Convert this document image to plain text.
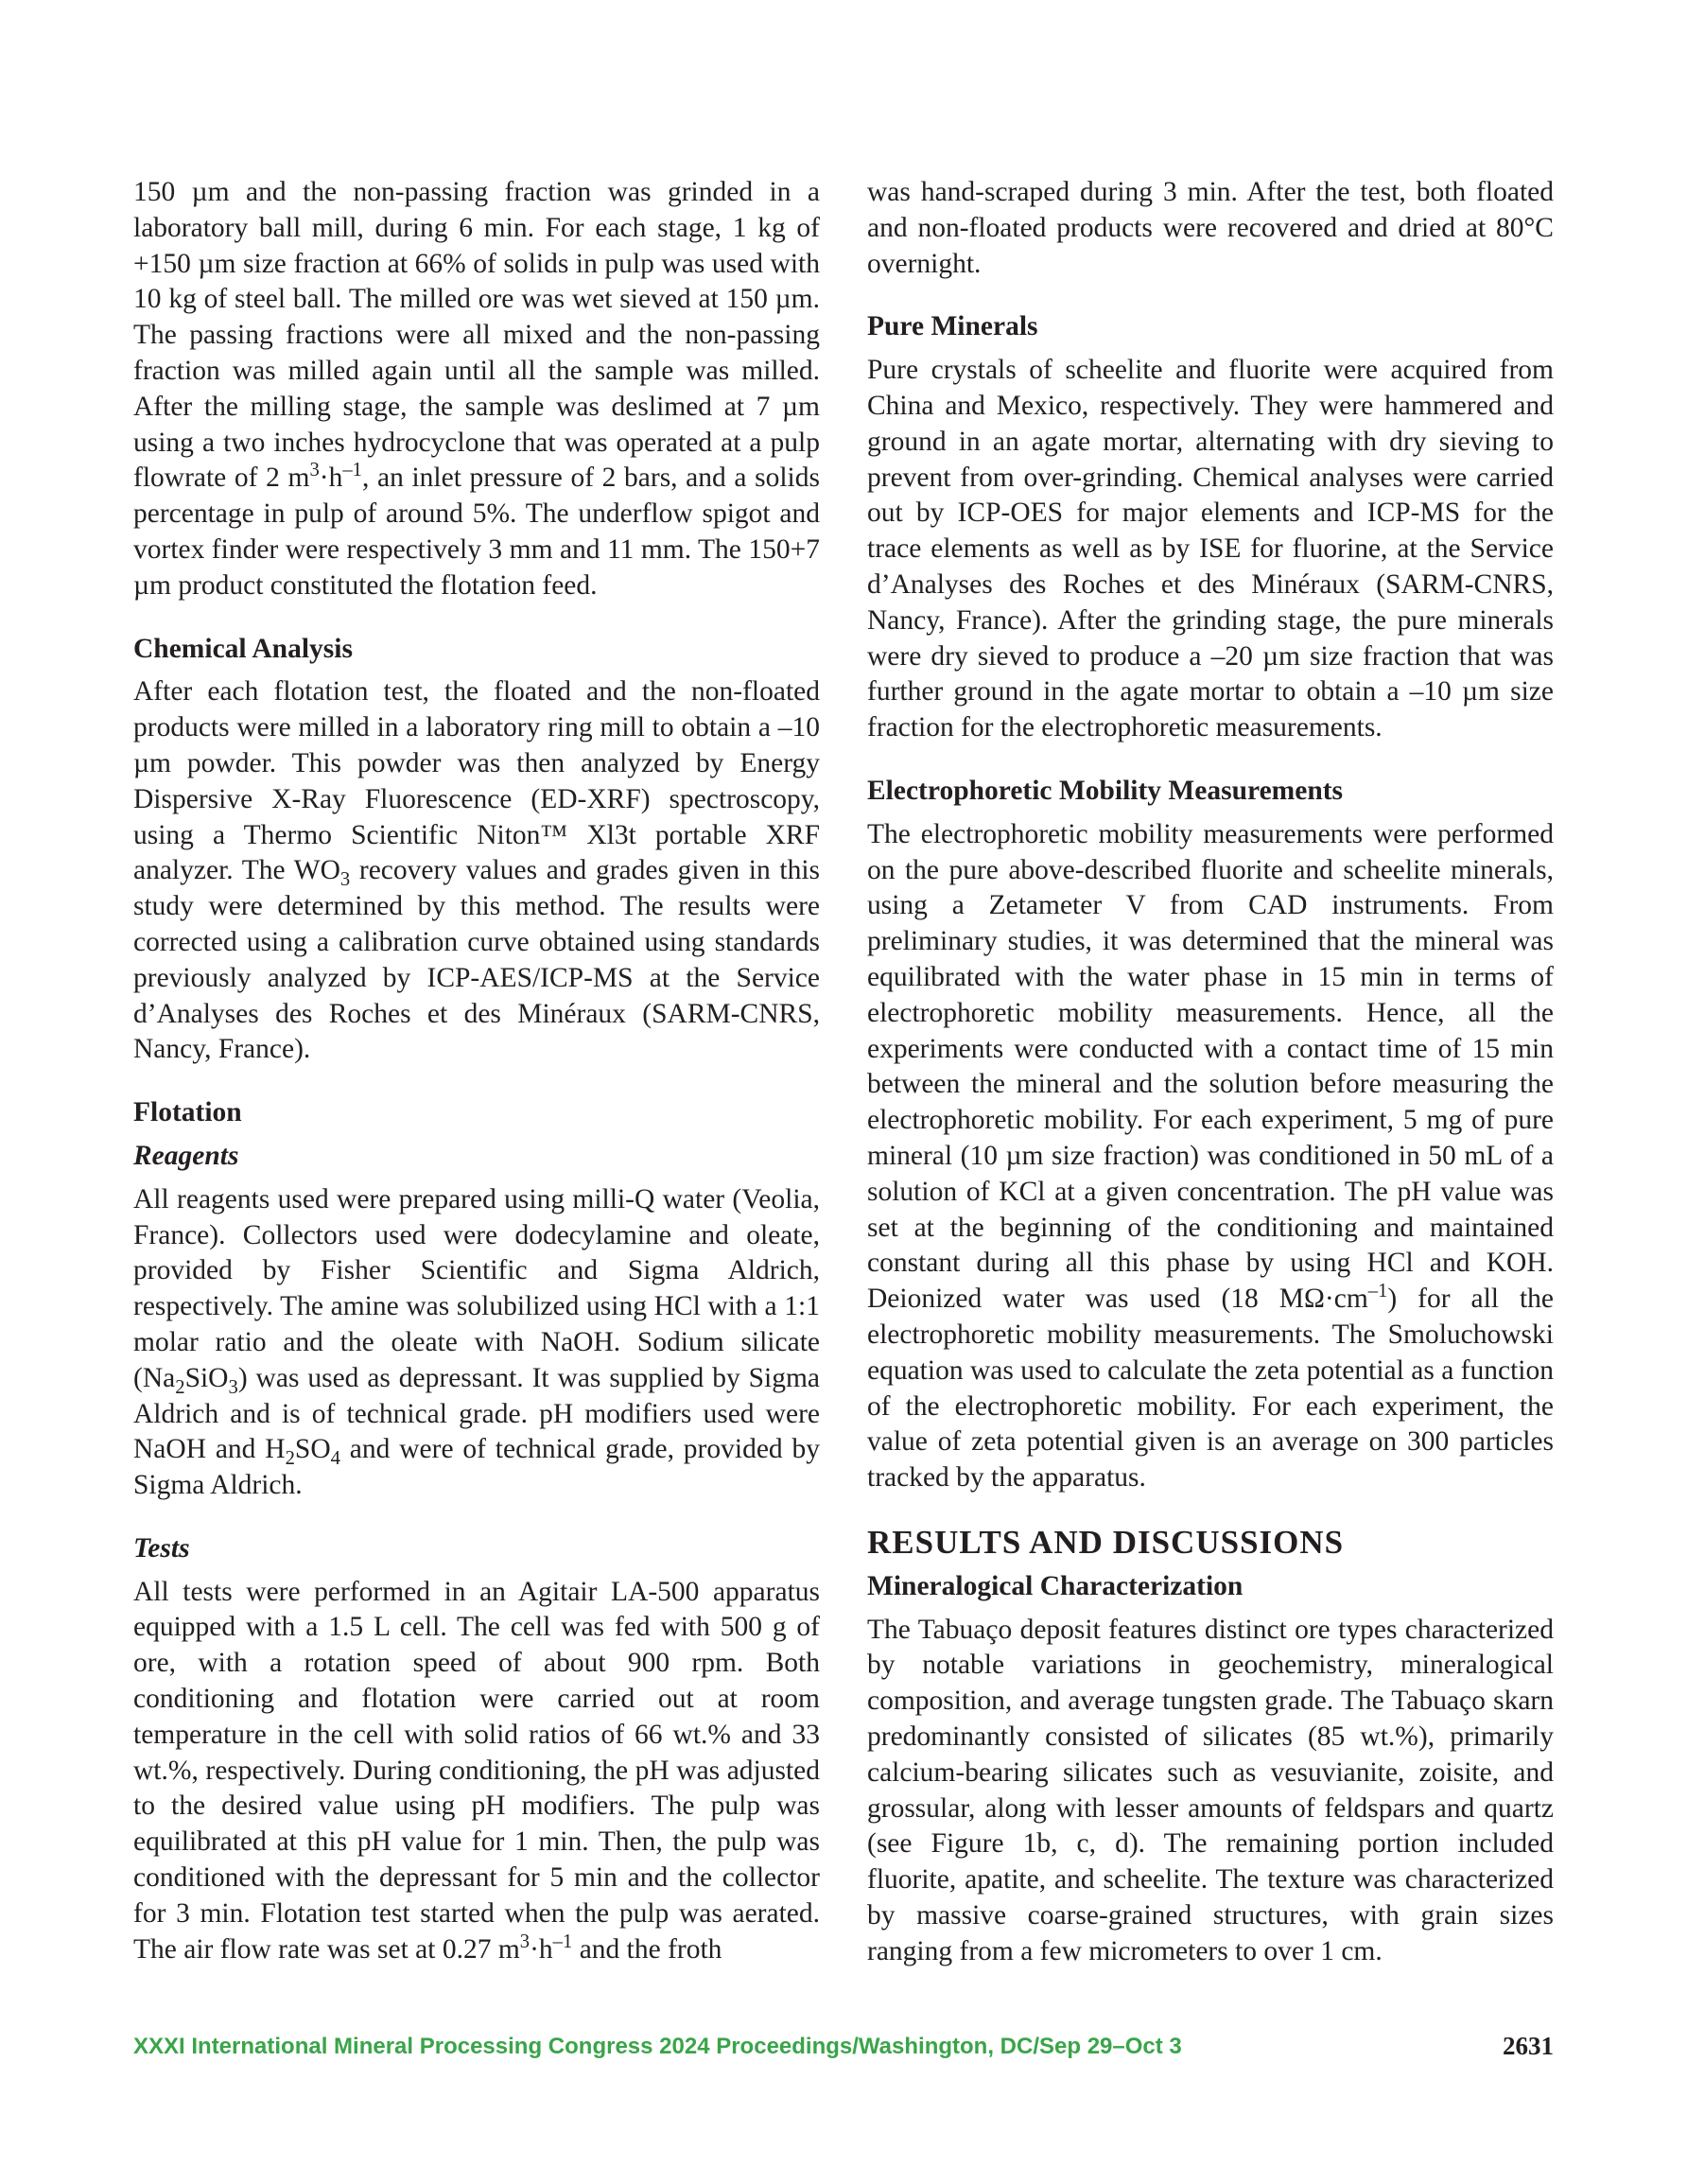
150 µm and the non-passing fraction was grinded in a laboratory ball mill, during 6 min. For each stage, 1 kg of +150 µm size fraction at 66% of solids in pulp was used with 10 kg of steel ball. The milled ore was wet sieved at 150 µm. The passing fractions were all mixed and the non-passing fraction was milled again until all the sample was milled. After the milling stage, the sample was deslimed at 7 µm using a two inches hydrocyclone that was operated at a pulp flowrate of 2 $m^3\cdot h^{-1}$, an inlet pressure of 2 bars, and a solids percentage in pulp of around 5%. The underflow spigot and vortex finder were respectively 3 mm and 11 mm. The 150+7 µm product constituted the flotation feed.

Chemical Analysis

After each flotation test, the floated and the non-floated products were milled in a laboratory ring mill to obtain a –10 µm powder. This powder was then analyzed by Energy Dispersive X-Ray Fluorescence (ED-XRF) spectroscopy, using a Thermo Scientific Niton™ Xl3t portable XRF analyzer. The $WO_3$ recovery values and grades given in this study were determined by this method. The results were corrected using a calibration curve obtained using standards previously analyzed by ICP-AES/ICP-MS at the Service d’Analyses des Roches et des Minéraux (SARM-CNRS, Nancy, France).

Flotation
Reagents

All reagents used were prepared using milli-Q water (Veolia, France). Collectors used were dodecylamine and oleate, provided by Fisher Scientific and Sigma Aldrich, respectively. The amine was solubilized using HCl with a 1:1 molar ratio and the oleate with NaOH. Sodium silicate $(Na_2SiO_3)$ was used as depressant. It was supplied by Sigma Aldrich and is of technical grade. pH modifiers used were NaOH and $H_2SO_4$ and were of technical grade, provided by Sigma Aldrich.

Tests

All tests were performed in an Agitair LA-500 apparatus equipped with a 1.5 L cell. The cell was fed with 500 g of ore, with a rotation speed of about 900 rpm. Both conditioning and flotation were carried out at room temperature in the cell with solid ratios of 66 wt.% and 33 wt.%, respectively. During conditioning, the pH was adjusted to the desired value using pH modifiers. The pulp was equilibrated at this pH value for 1 min. Then, the pulp was conditioned with the depressant for 5 min and the collector for 3 min. Flotation test started when the pulp was aerated. The air flow rate was set at 0.27 $m^3\cdot h^{-1}$ and the froth

was hand-scraped during 3 min. After the test, both floated and non-floated products were recovered and dried at 80°C overnight.

Pure Minerals

Pure crystals of scheelite and fluorite were acquired from China and Mexico, respectively. They were hammered and ground in an agate mortar, alternating with dry sieving to prevent from over-grinding. Chemical analyses were carried out by ICP-OES for major elements and ICP-MS for the trace elements as well as by ISE for fluorine, at the Service d’Analyses des Roches et des Minéraux (SARM-CNRS, Nancy, France). After the grinding stage, the pure minerals were dry sieved to produce a –20 µm size fraction that was further ground in the agate mortar to obtain a –10 µm size fraction for the electrophoretic measurements.

Electrophoretic Mobility Measurements

The electrophoretic mobility measurements were performed on the pure above-described fluorite and scheelite minerals, using a Zetameter V from CAD instruments. From preliminary studies, it was determined that the mineral was equilibrated with the water phase in 15 min in terms of electrophoretic mobility measurements. Hence, all the experiments were conducted with a contact time of 15 min between the mineral and the solution before measuring the electrophoretic mobility. For each experiment, 5 mg of pure mineral (10 µm size fraction) was conditioned in 50 mL of a solution of KCl at a given concentration. The pH value was set at the beginning of the conditioning and maintained constant during all this phase by using HCl and KOH. Deionized water was used (18 $M\Omega\cdot cm^{-1}$) for all the electrophoretic mobility measurements. The Smoluchowski equation was used to calculate the zeta potential as a function of the electrophoretic mobility. For each experiment, the value of zeta potential given is an average on 300 particles tracked by the apparatus.

RESULTS AND DISCUSSIONS
Mineralogical Characterization

The Tabuaço deposit features distinct ore types characterized by notable variations in geochemistry, mineralogical composition, and average tungsten grade. The Tabuaço skarn predominantly consisted of silicates (85 wt.%), primarily calcium-bearing silicates such as vesuvianite, zoisite, and grossular, along with lesser amounts of feldspars and quartz (see Figure 1b, c, d). The remaining portion included fluorite, apatite, and scheelite. The texture was characterized by massive coarse-grained structures, with grain sizes ranging from a few micrometers to over 1 cm.

XXXI International Mineral Processing Congress 2024 Proceedings/Washington, DC/Sep 29–Oct 3	2631
